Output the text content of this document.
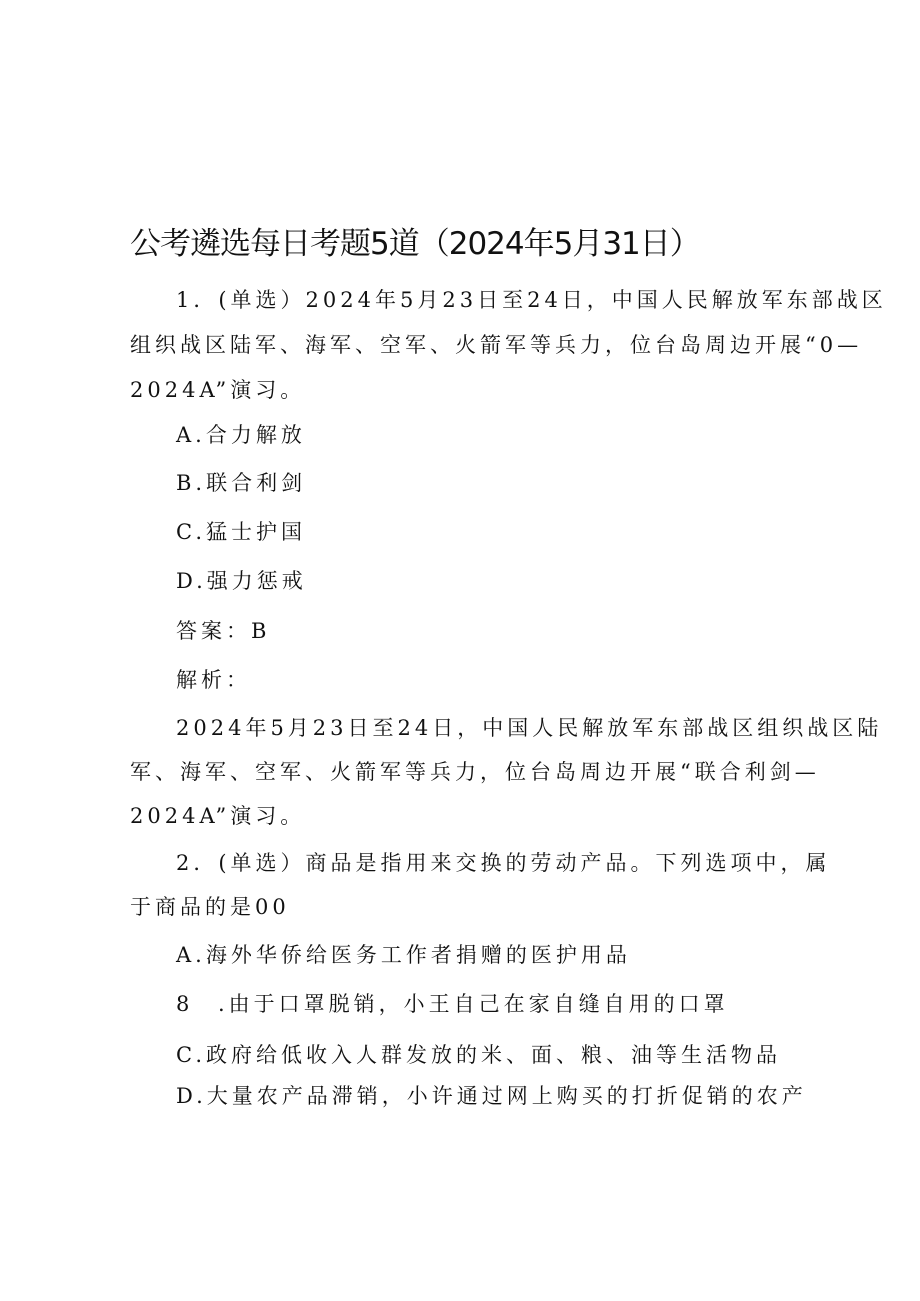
公考遴选每日考题5道（2024年5月31日）
1．(单选）2024年5月23日至24日，中国人民解放军东部战区
组织战区陆军、海军、空军、火箭军等兵力，位台岛周边开展“0—
2024A”演习。
A.合力解放
B.联合利剑
C.猛士护国
D.强力惩戒
答案：B
解析：
2024年5月23日至24日，中国人民解放军东部战区组织战区陆
军、海军、空军、火箭军等兵力，位台岛周边开展“联合利剑—
2024A”演习。
2．(单选）商品是指用来交换的劳动产品。下列选项中，属
于商品的是00
A.海外华侨给医务工作者捐赠的医护用品
8 .由于口罩脱销，小王自己在家自缝自用的口罩
C.政府给低收入人群发放的米、面、粮、油等生活物品
D.大量农产品滞销，小许通过网上购买的打折促销的农产
